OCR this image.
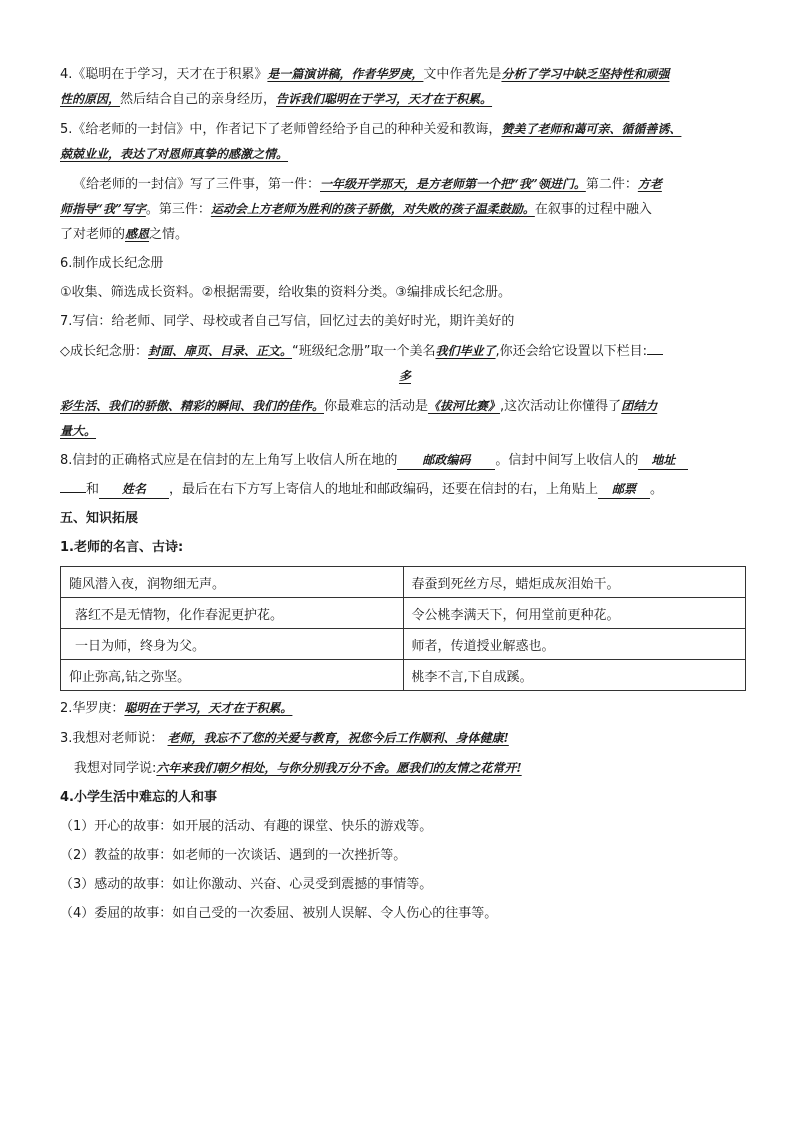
4.《聪明在于学习，天才在于积累》是一篇演讲稿，作者华罗庚，文中作者先是分析了学习中缺乏坚持性和顽强

性的原因，然后结合自己的亲身经历，告诉我们聪明在于学习，天才在于积累。

5.《给老师的一封信》中，作者记下了老师曾经给予自己的种种关爱和教诲，赞美了老师和蔼可亲、循循善诱、

兢兢业业，表达了对恩师真挚的感激之情。

《给老师的一封信》写了三件事，第一件：一年级开学那天，是方老师第一个把“我”领进门。第二件：方老

师指导“我”写字。第三件：运动会上方老师为胜利的孩子骄傲，对失败的孩子温柔鼓励。在叙事的过程中融入

了对老师的感恩之情。

6.制作成长纪念册

①收集、筛选成长资料。②根据需要，给收集的资料分类。③编排成长纪念册。

7.写信：给老师、同学、母校或者自己写信，回忆过去的美好时光，期许美好的

◇成长纪念册：封面、扉页、目录、正文。“班级纪念册”取一个美名我们毕业了,你还会给它设置以下栏目:

多

彩生活、我们的骄傲、精彩的瞬间、我们的佳作。你最难忘的活动是《拔河比赛》,这次活动让你懂得了团结力

量大。

8.信封的正确格式应是在信封的左上角写上收信人所在地的 邮政编码 。信封中间写上收信人的 地址

和 姓名 ，最后在右下方写上寄信人的地址和邮政编码，还要在信封的右，上角贴上 邮票 。

五、知识拓展

1.老师的名言、古诗:

随风潜入夜，润物细无声。	春蚕到死丝方尽，蜡炬成灰泪始干。
落红不是无情物，化作春泥更护花。	令公桃李满天下，何用堂前更种花。
一日为师，终身为父。	师者，传道授业解惑也。
仰止弥高,钻之弥坚。	桃李不言,下自成蹊。

2.华罗庚：聪明在于学习，天才在于积累。

3.我想对老师说： 老师，我忘不了您的关爱与教育，祝您今后工作顺利、身体健康!

我想对同学说:六年来我们朝夕相处，与你分别我万分不舍。愿我们的友情之花常开!

4.小学生活中难忘的人和事

（1）开心的故事：如开展的活动、有趣的课堂、快乐的游戏等。

（2）教益的故事：如老师的一次谈话、遇到的一次挫折等。

（3）感动的故事：如让你激动、兴奋、心灵受到震撼的事情等。

（4）委屈的故事：如自己受的一次委屈、被别人误解、令人伤心的往事等。
